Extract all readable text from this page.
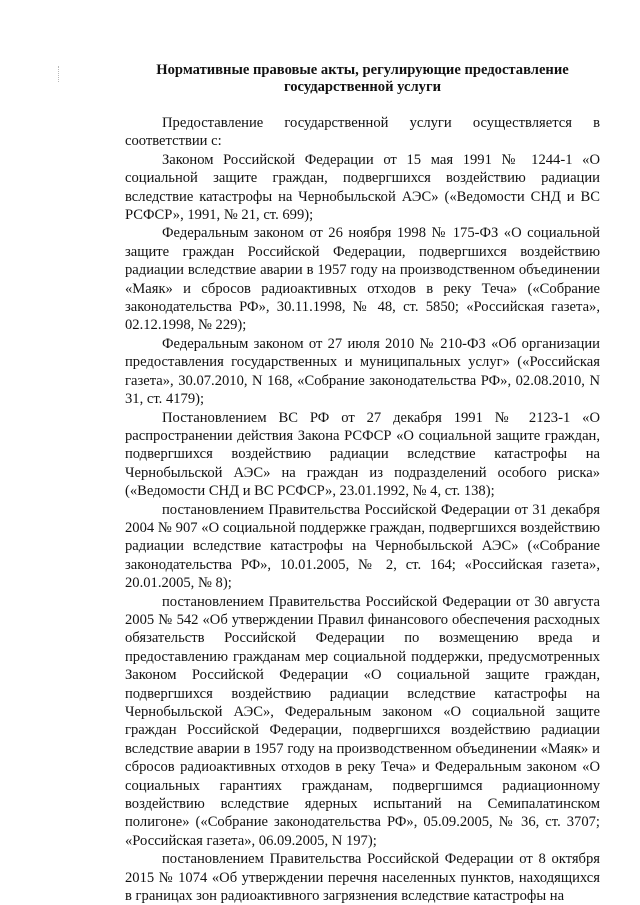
Нормативные правовые акты, регулирующие предоставление
государственной услуги

Предоставление государственной услуги осуществляется в соответствии с:

Законом Российской Федерации от 15 мая 1991 № 1244-1 «О социальной защите граждан, подвергшихся воздействию радиации вследствие катастрофы на Чернобыльской АЭС» («Ведомости СНД и ВС РСФСР», 1991, № 21, ст. 699);

Федеральным законом от 26 ноября 1998 № 175-ФЗ «О социальной защите граждан Российской Федерации, подвергшихся воздействию радиации вследствие аварии в 1957 году на производственном объединении «Маяк» и сбросов радиоактивных отходов в реку Теча» («Собрание законодательства РФ», 30.11.1998, № 48, ст. 5850; «Российская газета», 02.12.1998, № 229);

Федеральным законом от 27 июля 2010 № 210-ФЗ «Об организации предоставления государственных и муниципальных услуг» («Российская газета», 30.07.2010, N 168, «Собрание законодательства РФ», 02.08.2010, N 31, ст. 4179);

Постановлением ВС РФ от 27 декабря 1991 № 2123-1 «О распространении действия Закона РСФСР «О социальной защите граждан, подвергшихся воздействию радиации вследствие катастрофы на Чернобыльской АЭС» на граждан из подразделений особого риска» («Ведомости СНД и ВС РСФСР», 23.01.1992, № 4, ст. 138);

постановлением Правительства Российской Федерации от 31 декабря 2004 № 907 «О социальной поддержке граждан, подвергшихся воздействию радиации вследствие катастрофы на Чернобыльской АЭС» («Собрание законодательства РФ», 10.01.2005, № 2, ст. 164; «Российская газета», 20.01.2005, № 8);

постановлением Правительства Российской Федерации от 30 августа 2005 № 542 «Об утверждении Правил финансового обеспечения расходных обязательств Российской Федерации по возмещению вреда и предоставлению гражданам мер социальной поддержки, предусмотренных Законом Российской Федерации «О социальной защите граждан, подвергшихся воздействию радиации вследствие катастрофы на Чернобыльской АЭС», Федеральным законом «О социальной защите граждан Российской Федерации, подвергшихся воздействию радиации вследствие аварии в 1957 году на производственном объединении «Маяк» и сбросов радиоактивных отходов в реку Теча» и Федеральным законом «О социальных гарантиях гражданам, подвергшимся радиационному воздействию вследствие ядерных испытаний на Семипалатинском полигоне» («Собрание законодательства РФ», 05.09.2005, № 36, ст. 3707; «Российская газета», 06.09.2005, N 197);

постановлением Правительства Российской Федерации от 8 октября 2015 № 1074 «Об утверждении перечня населенных пунктов, находящихся в границах зон радиоактивного загрязнения вследствие катастрофы на
